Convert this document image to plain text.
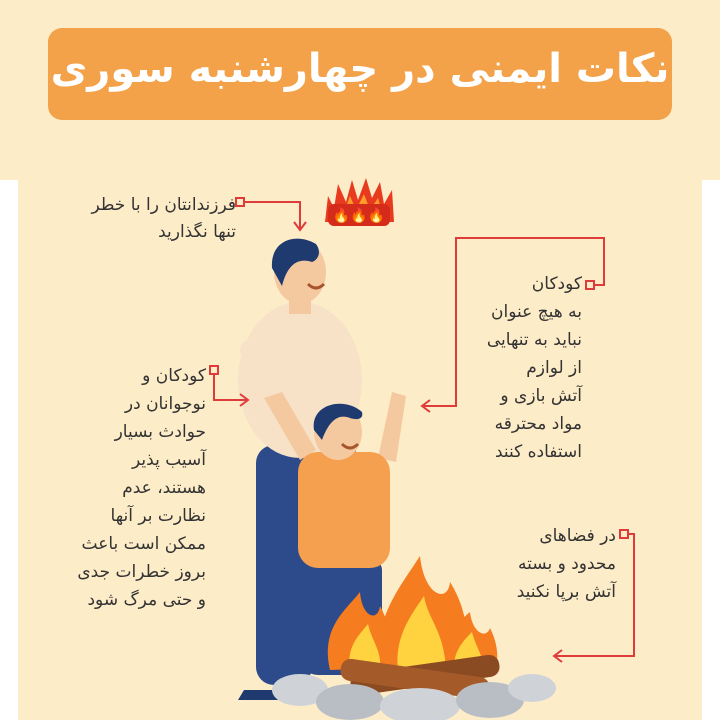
نکات ایمنی در چهارشنبه سوری
🔥🔥🔥
فرزندانتان را با خطر
تنها نگذارید
کودکان
به هیچ عنوان
نباید به تنهایی
از لوازم
آتش بازی و
مواد محترقه
استفاده کنند
کودکان و
نوجوانان در
حوادث بسیار
آسیب پذیر
هستند، عدم
نظارت بر آنها
ممکن است باعث
بروز خطرات جدی
و حتی مرگ شود
در فضاهای
محدود و بسته
آتش برپا نکنید
